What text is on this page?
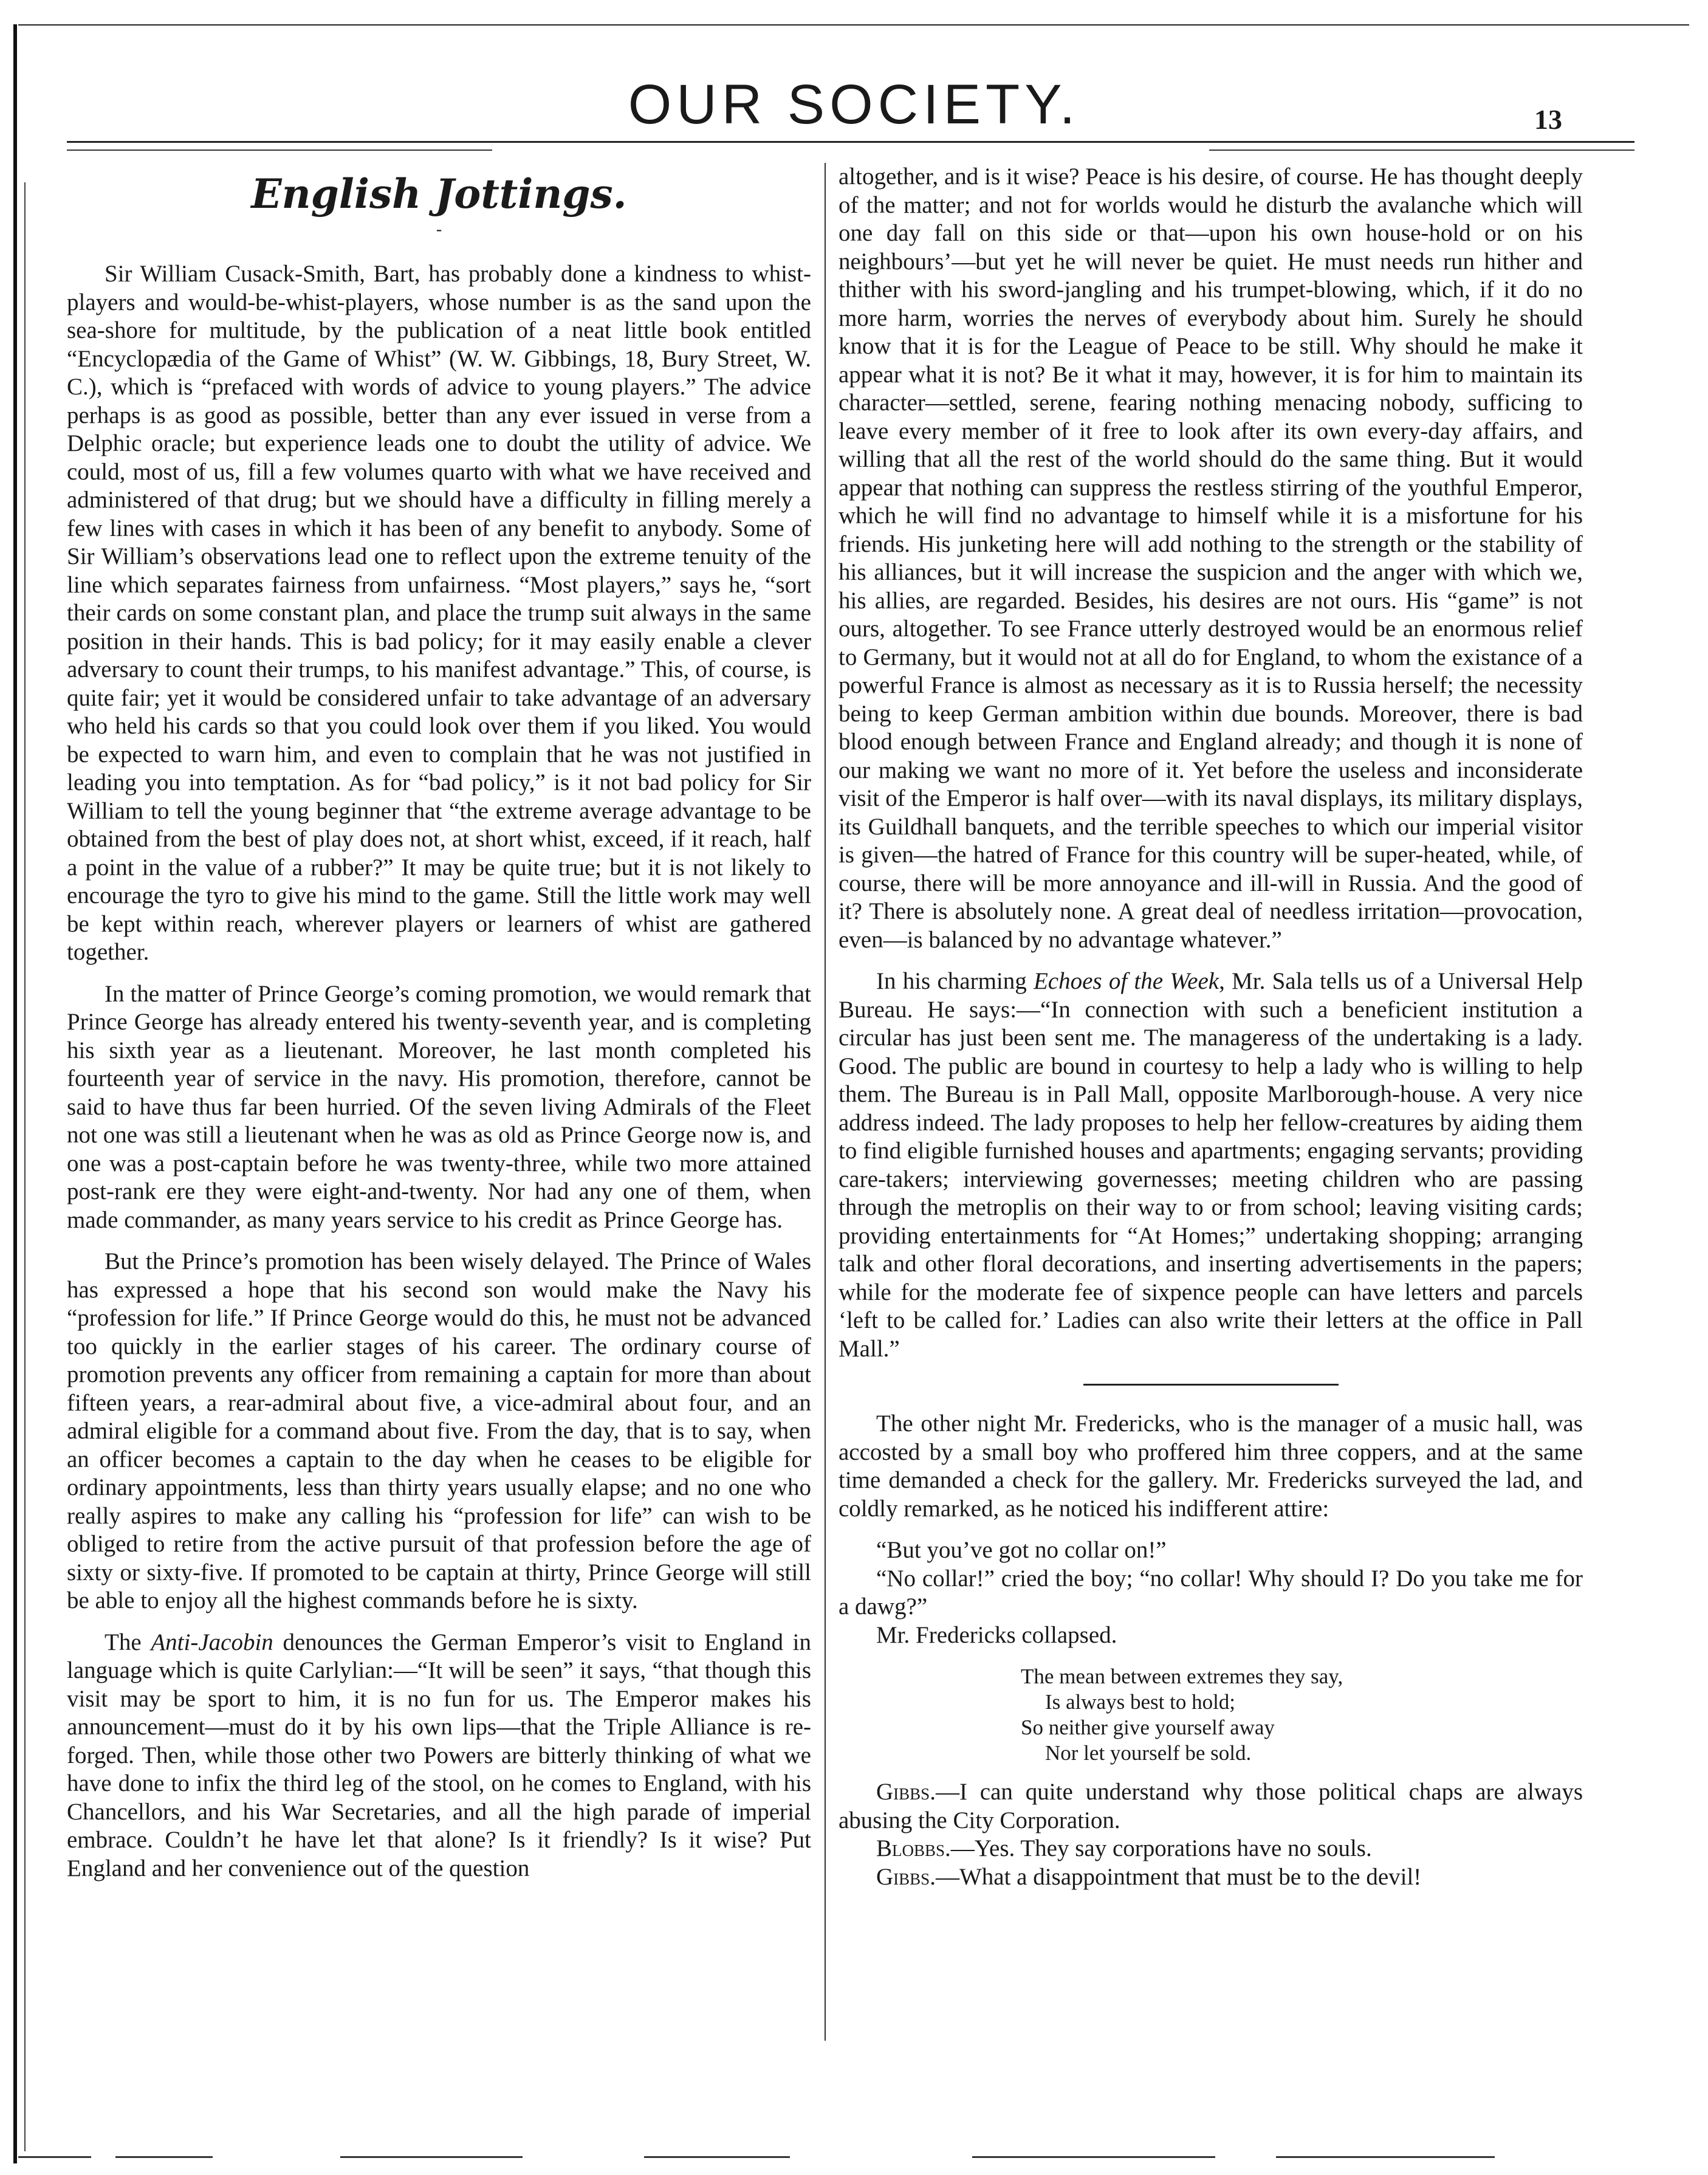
OUR SOCIETY.	13
English Jottings.
-

Sir William Cusack-Smith, Bart, has probably done a kindness to whist-players and would-be-whist-players, whose number is as the sand upon the sea-shore for multitude, by the publication of a neat little book entitled “Encyclopædia of the Game of Whist” (W. W. Gibbings, 18, Bury Street, W. C.), which is “prefaced with words of advice to young players.” The advice perhaps is as good as possible, better than any ever issued in verse from a Delphic oracle; but experience leads one to doubt the utility of advice. We could, most of us, fill a few volumes quarto with what we have received and administered of that drug; but we should have a difficulty in filling merely a few lines with cases in which it has been of any benefit to anybody. Some of Sir William’s observations lead one to reflect upon the extreme tenuity of the line which separates fairness from unfairness. “Most players,” says he, “sort their cards on some constant plan, and place the trump suit always in the same position in their hands. This is bad policy; for it may easily enable a clever adversary to count their trumps, to his manifest advantage.” This, of course, is quite fair; yet it would be considered unfair to take advantage of an adversary who held his cards so that you could look over them if you liked. You would be expected to warn him, and even to complain that he was not justified in leading you into temptation. As for “bad policy,” is it not bad policy for Sir William to tell the young beginner that “the extreme average advantage to be obtained from the best of play does not, at short whist, exceed, if it reach, half a point in the value of a rubber?” It may be quite true; but it is not likely to encourage the tyro to give his mind to the game. Still the little work may well be kept within reach, wherever players or learners of whist are gathered together.

In the matter of Prince George’s coming promotion, we would remark that Prince George has already entered his twenty-seventh year, and is completing his sixth year as a lieutenant. Moreover, he last month completed his fourteenth year of service in the navy. His promotion, therefore, cannot be said to have thus far been hurried. Of the seven living Admirals of the Fleet not one was still a lieutenant when he was as old as Prince George now is, and one was a post-captain before he was twenty-three, while two more attained post-rank ere they were eight-and-twenty. Nor had any one of them, when made commander, as many years service to his credit as Prince George has.

But the Prince’s promotion has been wisely delayed. The Prince of Wales has expressed a hope that his second son would make the Navy his “profession for life.” If Prince George would do this, he must not be advanced too quickly in the earlier stages of his career. The ordinary course of promotion prevents any officer from remaining a captain for more than about fifteen years, a rear-admiral about five, a vice-admiral about four, and an admiral eligible for a command about five. From the day, that is to say, when an officer becomes a captain to the day when he ceases to be eligible for ordinary appointments, less than thirty years usually elapse; and no one who really aspires to make any calling his “profession for life” can wish to be obliged to retire from the active pursuit of that profession before the age of sixty or sixty-five. If promoted to be captain at thirty, Prince George will still be able to enjoy all the highest commands before he is sixty.

The Anti-Jacobin denounces the German Emperor’s visit to England in language which is quite Carlylian:—“It will be seen” it says, “that though this visit may be sport to him, it is no fun for us. The Emperor makes his announcement—must do it by his own lips—that the Triple Alliance is re-forged. Then, while those other two Powers are bitterly thinking of what we have done to infix the third leg of the stool, on he comes to England, with his Chancellors, and his War Secretaries, and all the high parade of imperial embrace. Couldn’t he have let that alone? Is it friendly? Is it wise? Put England and her convenience out of the question

altogether, and is it wise? Peace is his desire, of course. He has thought deeply of the matter; and not for worlds would he disturb the avalanche which will one day fall on this side or that—upon his own house-hold or on his neighbours’—but yet he will never be quiet. He must needs run hither and thither with his sword-jangling and his trumpet-blowing, which, if it do no more harm, worries the nerves of everybody about him. Surely he should know that it is for the League of Peace to be still. Why should he make it appear what it is not? Be it what it may, however, it is for him to maintain its character—settled, serene, fearing nothing menacing nobody, sufficing to leave every member of it free to look after its own every-day affairs, and willing that all the rest of the world should do the same thing. But it would appear that nothing can suppress the restless stirring of the youthful Emperor, which he will find no advantage to himself while it is a misfortune for his friends. His junketing here will add nothing to the strength or the stability of his alliances, but it will increase the suspicion and the anger with which we, his allies, are regarded. Besides, his desires are not ours. His “game” is not ours, altogether. To see France utterly destroyed would be an enormous relief to Germany, but it would not at all do for England, to whom the existance of a powerful France is almost as necessary as it is to Russia herself; the necessity being to keep German ambition within due bounds. Moreover, there is bad blood enough between France and England already; and though it is none of our making we want no more of it. Yet before the useless and inconsiderate visit of the Emperor is half over—with its naval displays, its military displays, its Guildhall banquets, and the terrible speeches to which our imperial visitor is given—the hatred of France for this country will be super-heated, while, of course, there will be more annoyance and ill-will in Russia. And the good of it? There is absolutely none. A great deal of needless irritation—provocation, even—is balanced by no advantage whatever.”

In his charming Echoes of the Week, Mr. Sala tells us of a Universal Help Bureau. He says:—“In connection with such a beneficient institution a circular has just been sent me. The manageress of the undertaking is a lady. Good. The public are bound in courtesy to help a lady who is willing to help them. The Bureau is in Pall Mall, opposite Marlborough-house. A very nice address indeed. The lady proposes to help her fellow-creatures by aiding them to find eligible furnished houses and apartments; engaging servants; providing care-takers; interviewing governesses; meeting children who are passing through the metroplis on their way to or from school; leaving visiting cards; providing entertainments for “At Homes;” undertaking shopping; arranging talk and other floral decorations, and inserting advertisements in the papers; while for the moderate fee of sixpence people can have letters and parcels ‘left to be called for.’ Ladies can also write their letters at the office in Pall Mall.”

The other night Mr. Fredericks, who is the manager of a music hall, was accosted by a small boy who proffered him three coppers, and at the same time demanded a check for the gallery. Mr. Fredericks surveyed the lad, and coldly remarked, as he noticed his indifferent attire:

“But you’ve got no collar on!”

“No collar!” cried the boy; “no collar! Why should I? Do you take me for a dawg?”

Mr. Fredericks collapsed.

The mean between extremes they say,
Is always best to hold;
So neither give yourself away
Nor let yourself be sold.

Gibbs.—I can quite understand why those political chaps are always abusing the City Corporation.

Blobbs.—Yes. They say corporations have no souls.

Gibbs.—What a disappointment that must be to the devil!
